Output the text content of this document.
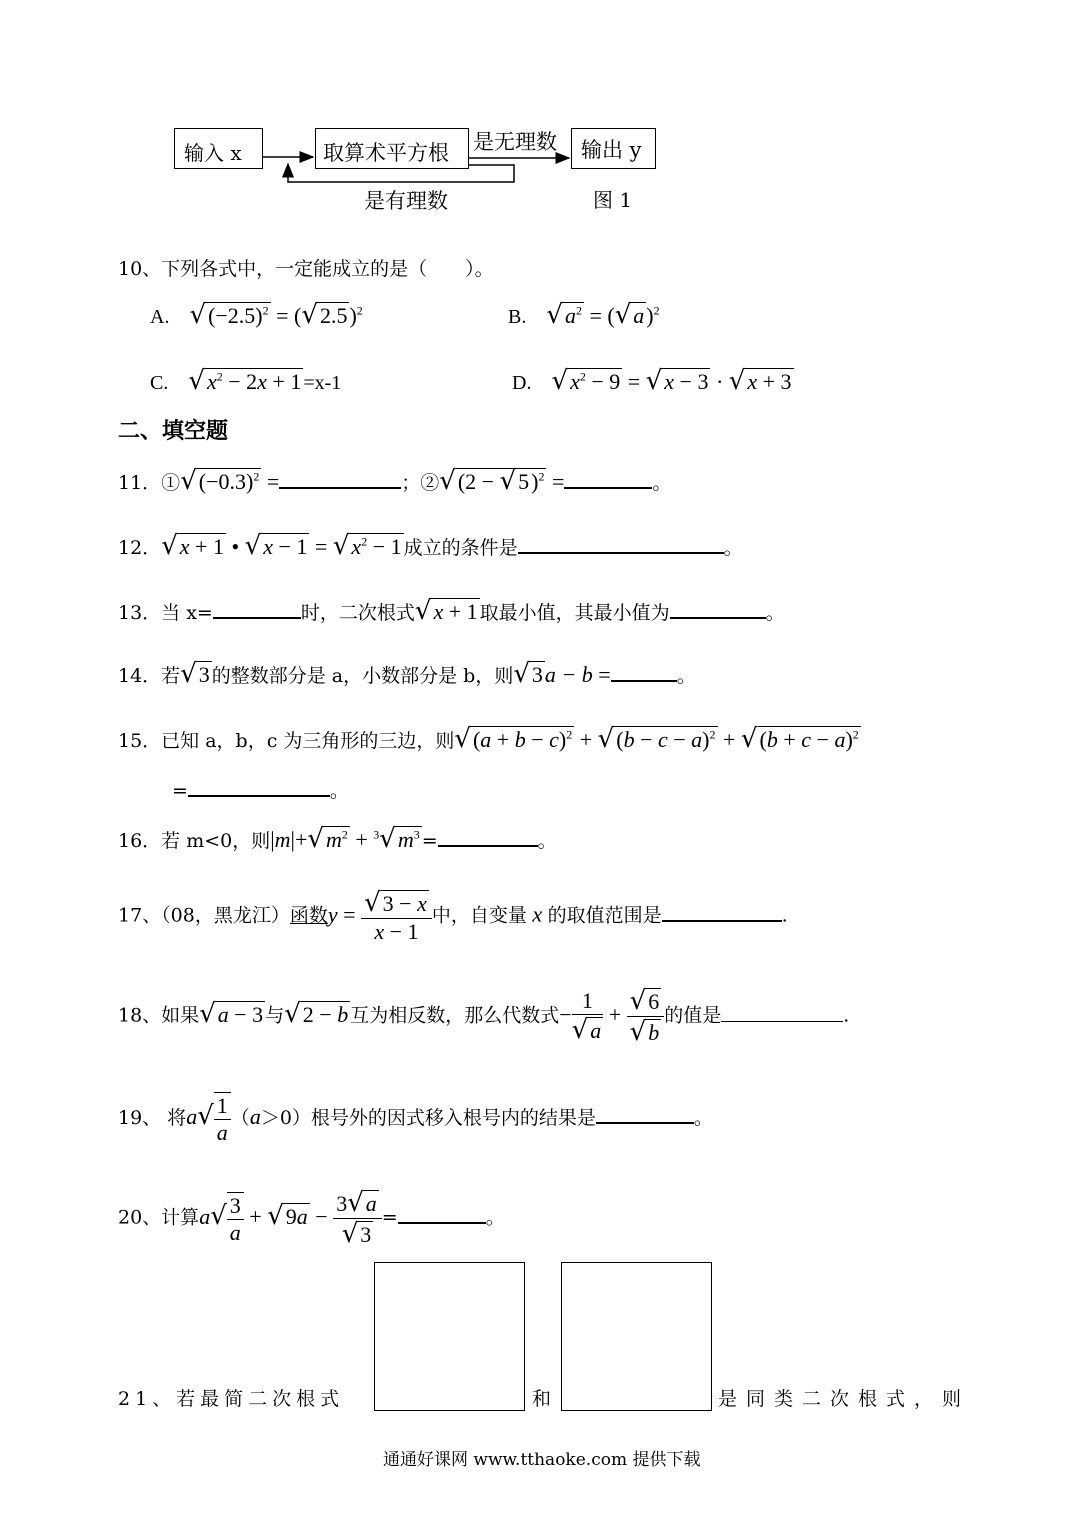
输入 x	取算术平方根	输出 y
是无理数
是有理数	图 1
10、下列各式中，一定能成立的是（　　）。
A. $√(-2.5)^2 = (√2.5)^2$	B. $√a^2 = (√a)^2$
C. $√x^2 - 2x + 1 =x-1$	D. $√x^2 - 9 = √x - 3 \cdot √x + 3$
二、填空题
11．$①√(-0.3)^2$ =	；②√(2 − √5)$^2$ =	。
12．√x + 1 • $√x - 1 = √x^2 - 1$ 成立的条件是	。
13．当 x=	时，二次根式√x + 1 取最小值，其最小值为	。
14．若√3 的整数部分是 a，小数部分是 b，则√3a − b =	。
15．已知 a，b，c 为三角形的三边，则$√(a + b - c)^2 + √(b - c - a)^2 + √(b + c - a)^2$
=	。
16．若 m<0，则$|m|+√m^2 + ^3√m^3$ =	。
17、（08，黑龙江）函数$y = \frac{√3 - x}{x - 1}$ 中，自变量 x 的取值范围是	.
18、如果√a − 3 与√2 − b 互为相反数，那么代数式− $\frac{1}{√a} + \frac{√6}{√b}$ 的值是	.
19、 将$a√ \frac{1}{a} (a>0)$根号外的因式移入根号内的结果是	。
20、计算$a√ \frac{3}{a} + √9a - \frac{3√a}{√3}$ =	。
21、若最简二次根式	和	是同类二次根式，则
通通好课网 www.tthaoke.com 提供下载
